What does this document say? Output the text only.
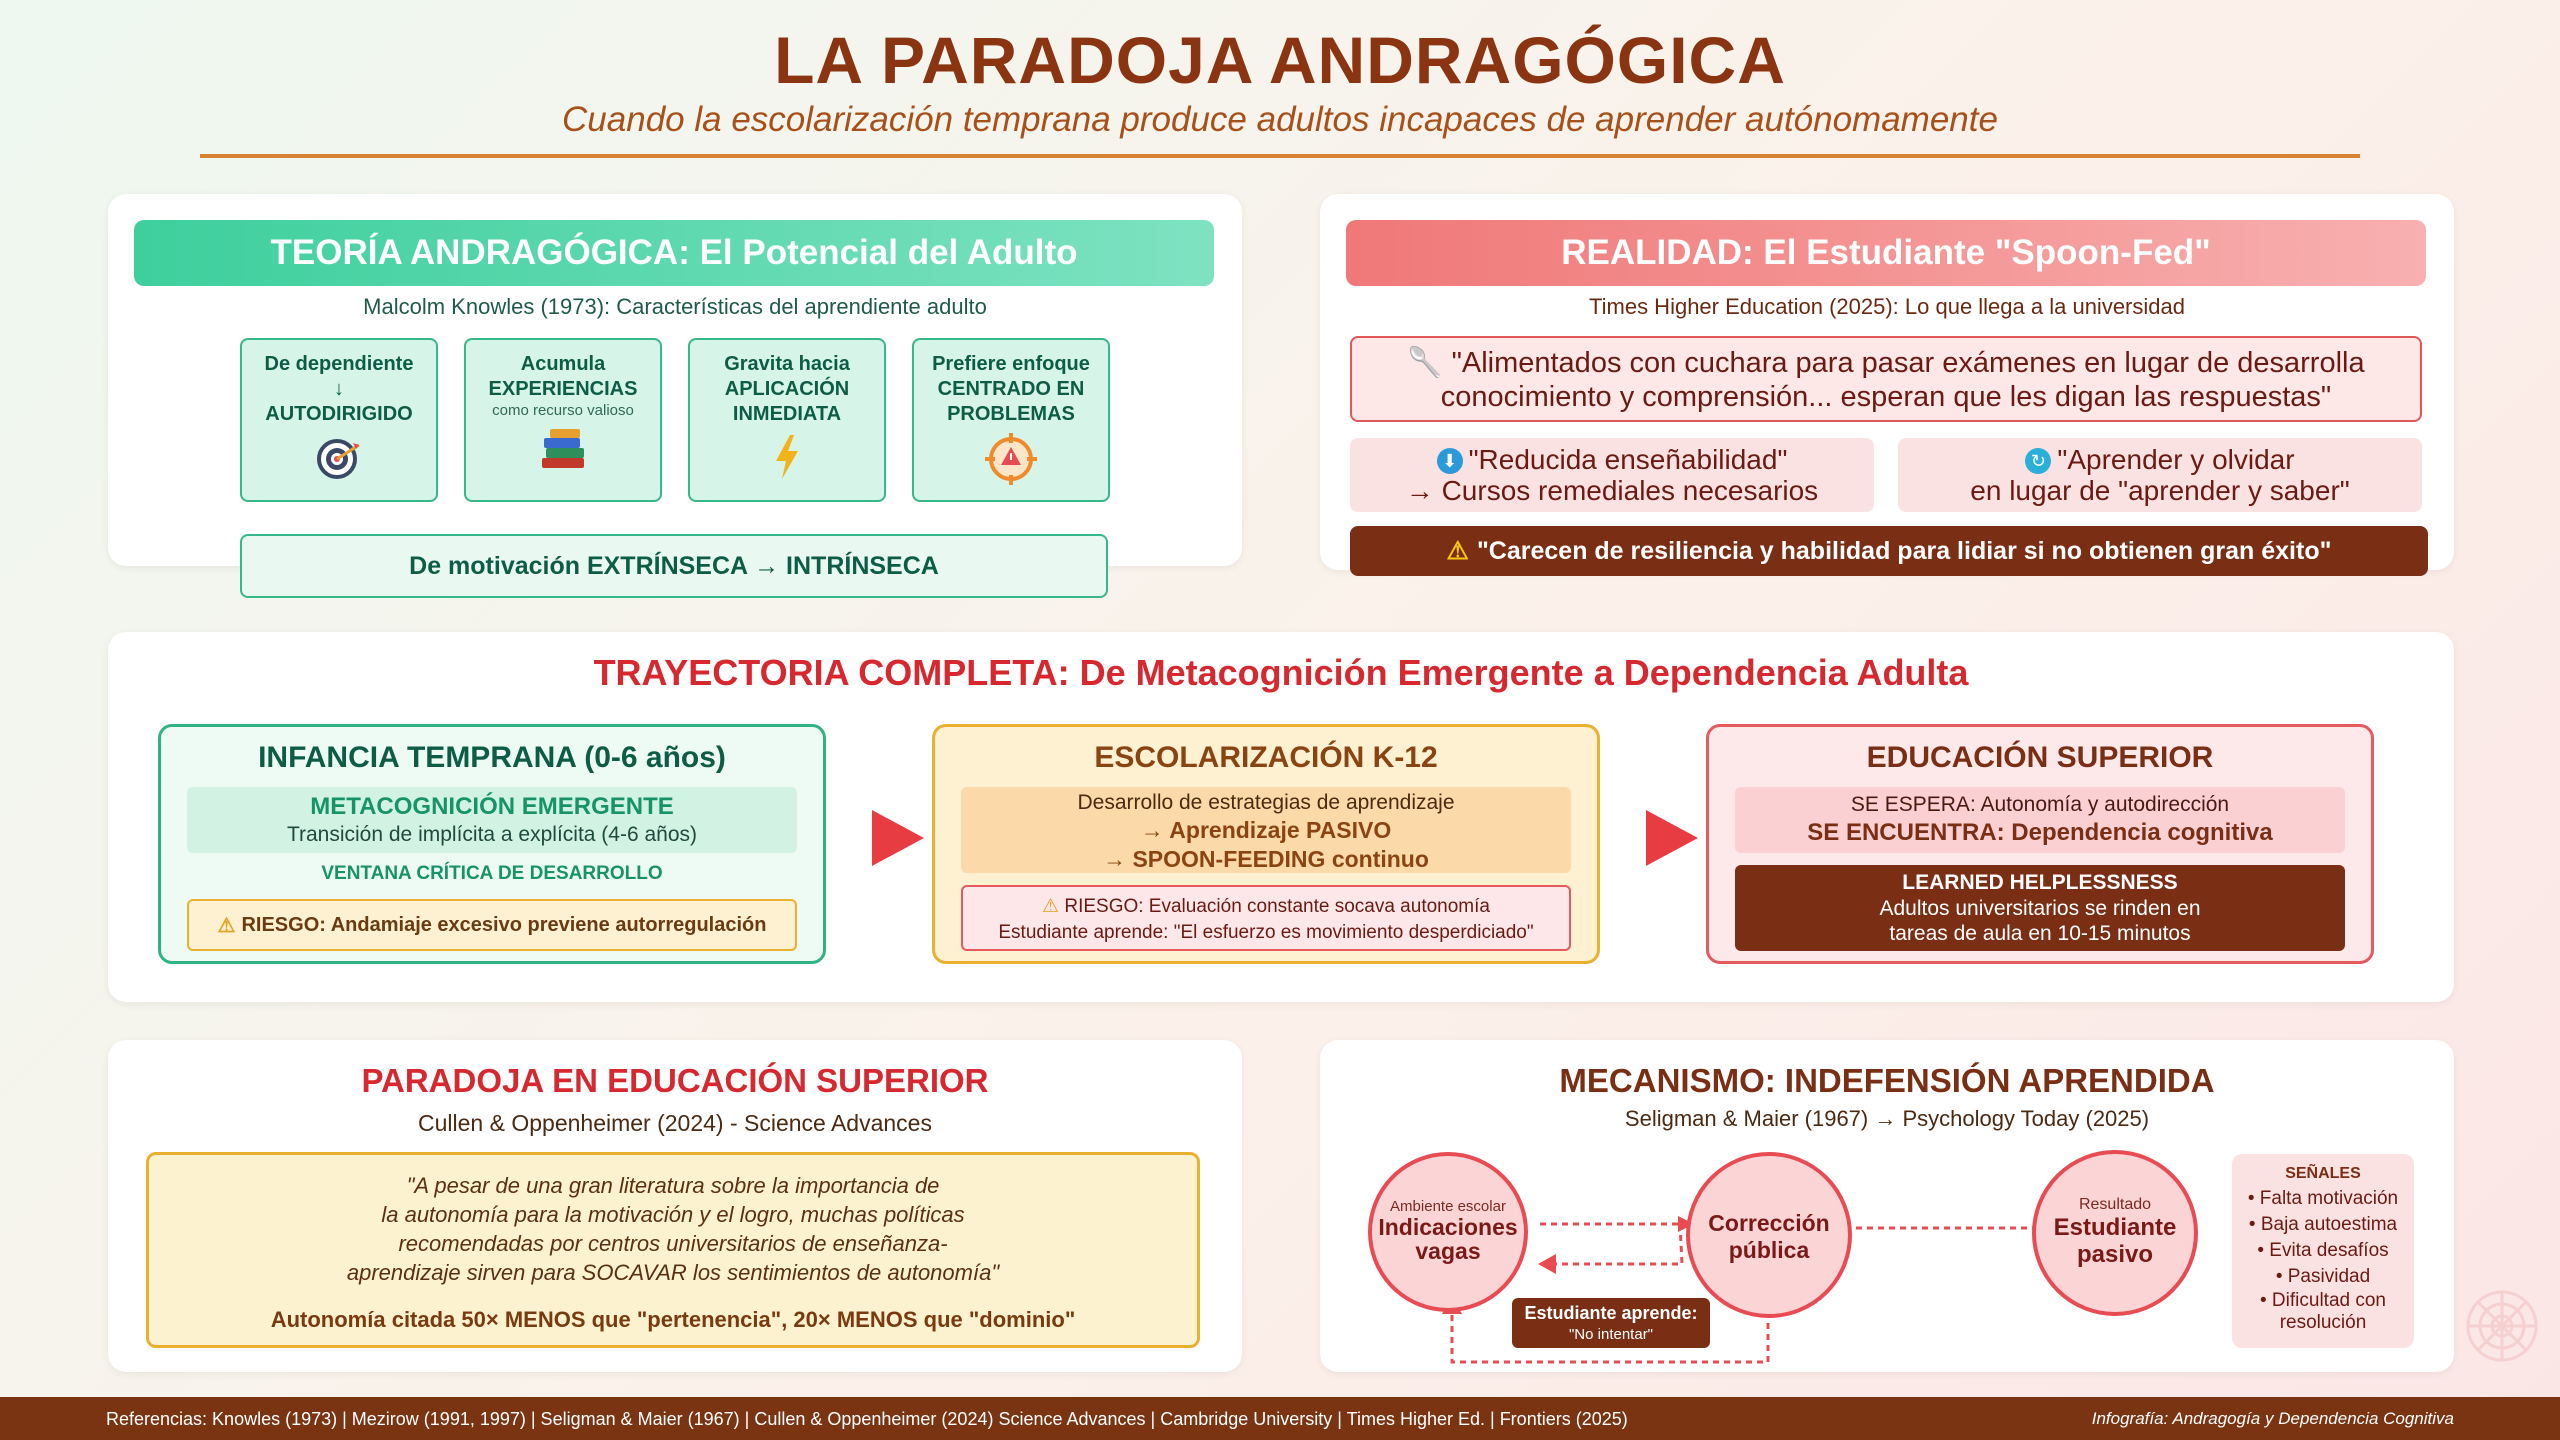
LA PARADOJA ANDRAGÓGICA
Cuando la escolarización temprana produce adultos incapaces de aprender autónomamente
TEORÍA ANDRAGÓGICA: El Potencial del Adulto
Malcolm Knowles (1973): Características del aprendiente adulto
De dependiente
↓
AUTODIRIGIDO
Acumula
EXPERIENCIAS
como recurso valioso
Gravita hacia
APLICACIÓN
INMEDIATA
Prefiere enfoque
CENTRADO EN
PROBLEMAS
De motivación EXTRÍNSECA → INTRÍNSECA
REALIDAD: El Estudiante "Spoon-Fed"
Times Higher Education (2025): Lo que llega a la universidad
🥄 "Alimentados con cuchara para pasar exámenes en lugar de desarrolla
conocimiento y comprensión... esperan que les digan las respuestas"
⬇ "Reducida enseñabilidad"
→ Cursos remediales necesarios
↻ "Aprender y olvidar
en lugar de "aprender y saber"
⚠ "Carecen de resiliencia y habilidad para lidiar si no obtienen gran éxito"
TRAYECTORIA COMPLETA: De Metacognición Emergente a Dependencia Adulta
INFANCIA TEMPRANA (0-6 años)
METACOGNICIÓN EMERGENTE
Transición de implícita a explícita (4-6 años)
VENTANA CRÍTICA DE DESARROLLO
⚠ RIESGO: Andamiaje excesivo previene autorregulación
ESCOLARIZACIÓN K-12
Desarrollo de estrategias de aprendizaje
→ Aprendizaje PASIVO
→ SPOON-FEEDING continuo
⚠ RIESGO: Evaluación constante socava autonomía
Estudiante aprende: "El esfuerzo es movimiento desperdiciado"
EDUCACIÓN SUPERIOR
SE ESPERA: Autonomía y autodirección
SE ENCUENTRA: Dependencia cognitiva
LEARNED HELPLESSNESS
Adultos universitarios se rinden en
tareas de aula en 10-15 minutos
PARADOJA EN EDUCACIÓN SUPERIOR
Cullen & Oppenheimer (2024) - Science Advances
"A pesar de una gran literatura sobre la importancia de
la autonomía para la motivación y el logro, muchas políticas
recomendadas por centros universitarios de enseñanza-
aprendizaje sirven para SOCAVAR los sentimientos de autonomía"
Autonomía citada 50× MENOS que "pertenencia", 20× MENOS que "dominio"
MECANISMO: INDEFENSIÓN APRENDIDA
Seligman & Maier (1967) → Psychology Today (2025)
Ambiente escolar
Indicaciones
vagas
Corrección
pública
Resultado
Estudiante
pasivo
Estudiante aprende:
"No intentar"
SEÑALES
• Falta motivación
• Baja autoestima
• Evita desafíos
• Pasividad
• Dificultad con
resolución
Referencias: Knowles (1973) | Mezirow (1991, 1997) | Seligman & Maier (1967) | Cullen & Oppenheimer (2024) Science Advances | Cambridge University | Times Higher Ed. | Frontiers (2025)	Infografía: Andragogía y Dependencia Cognitiva
